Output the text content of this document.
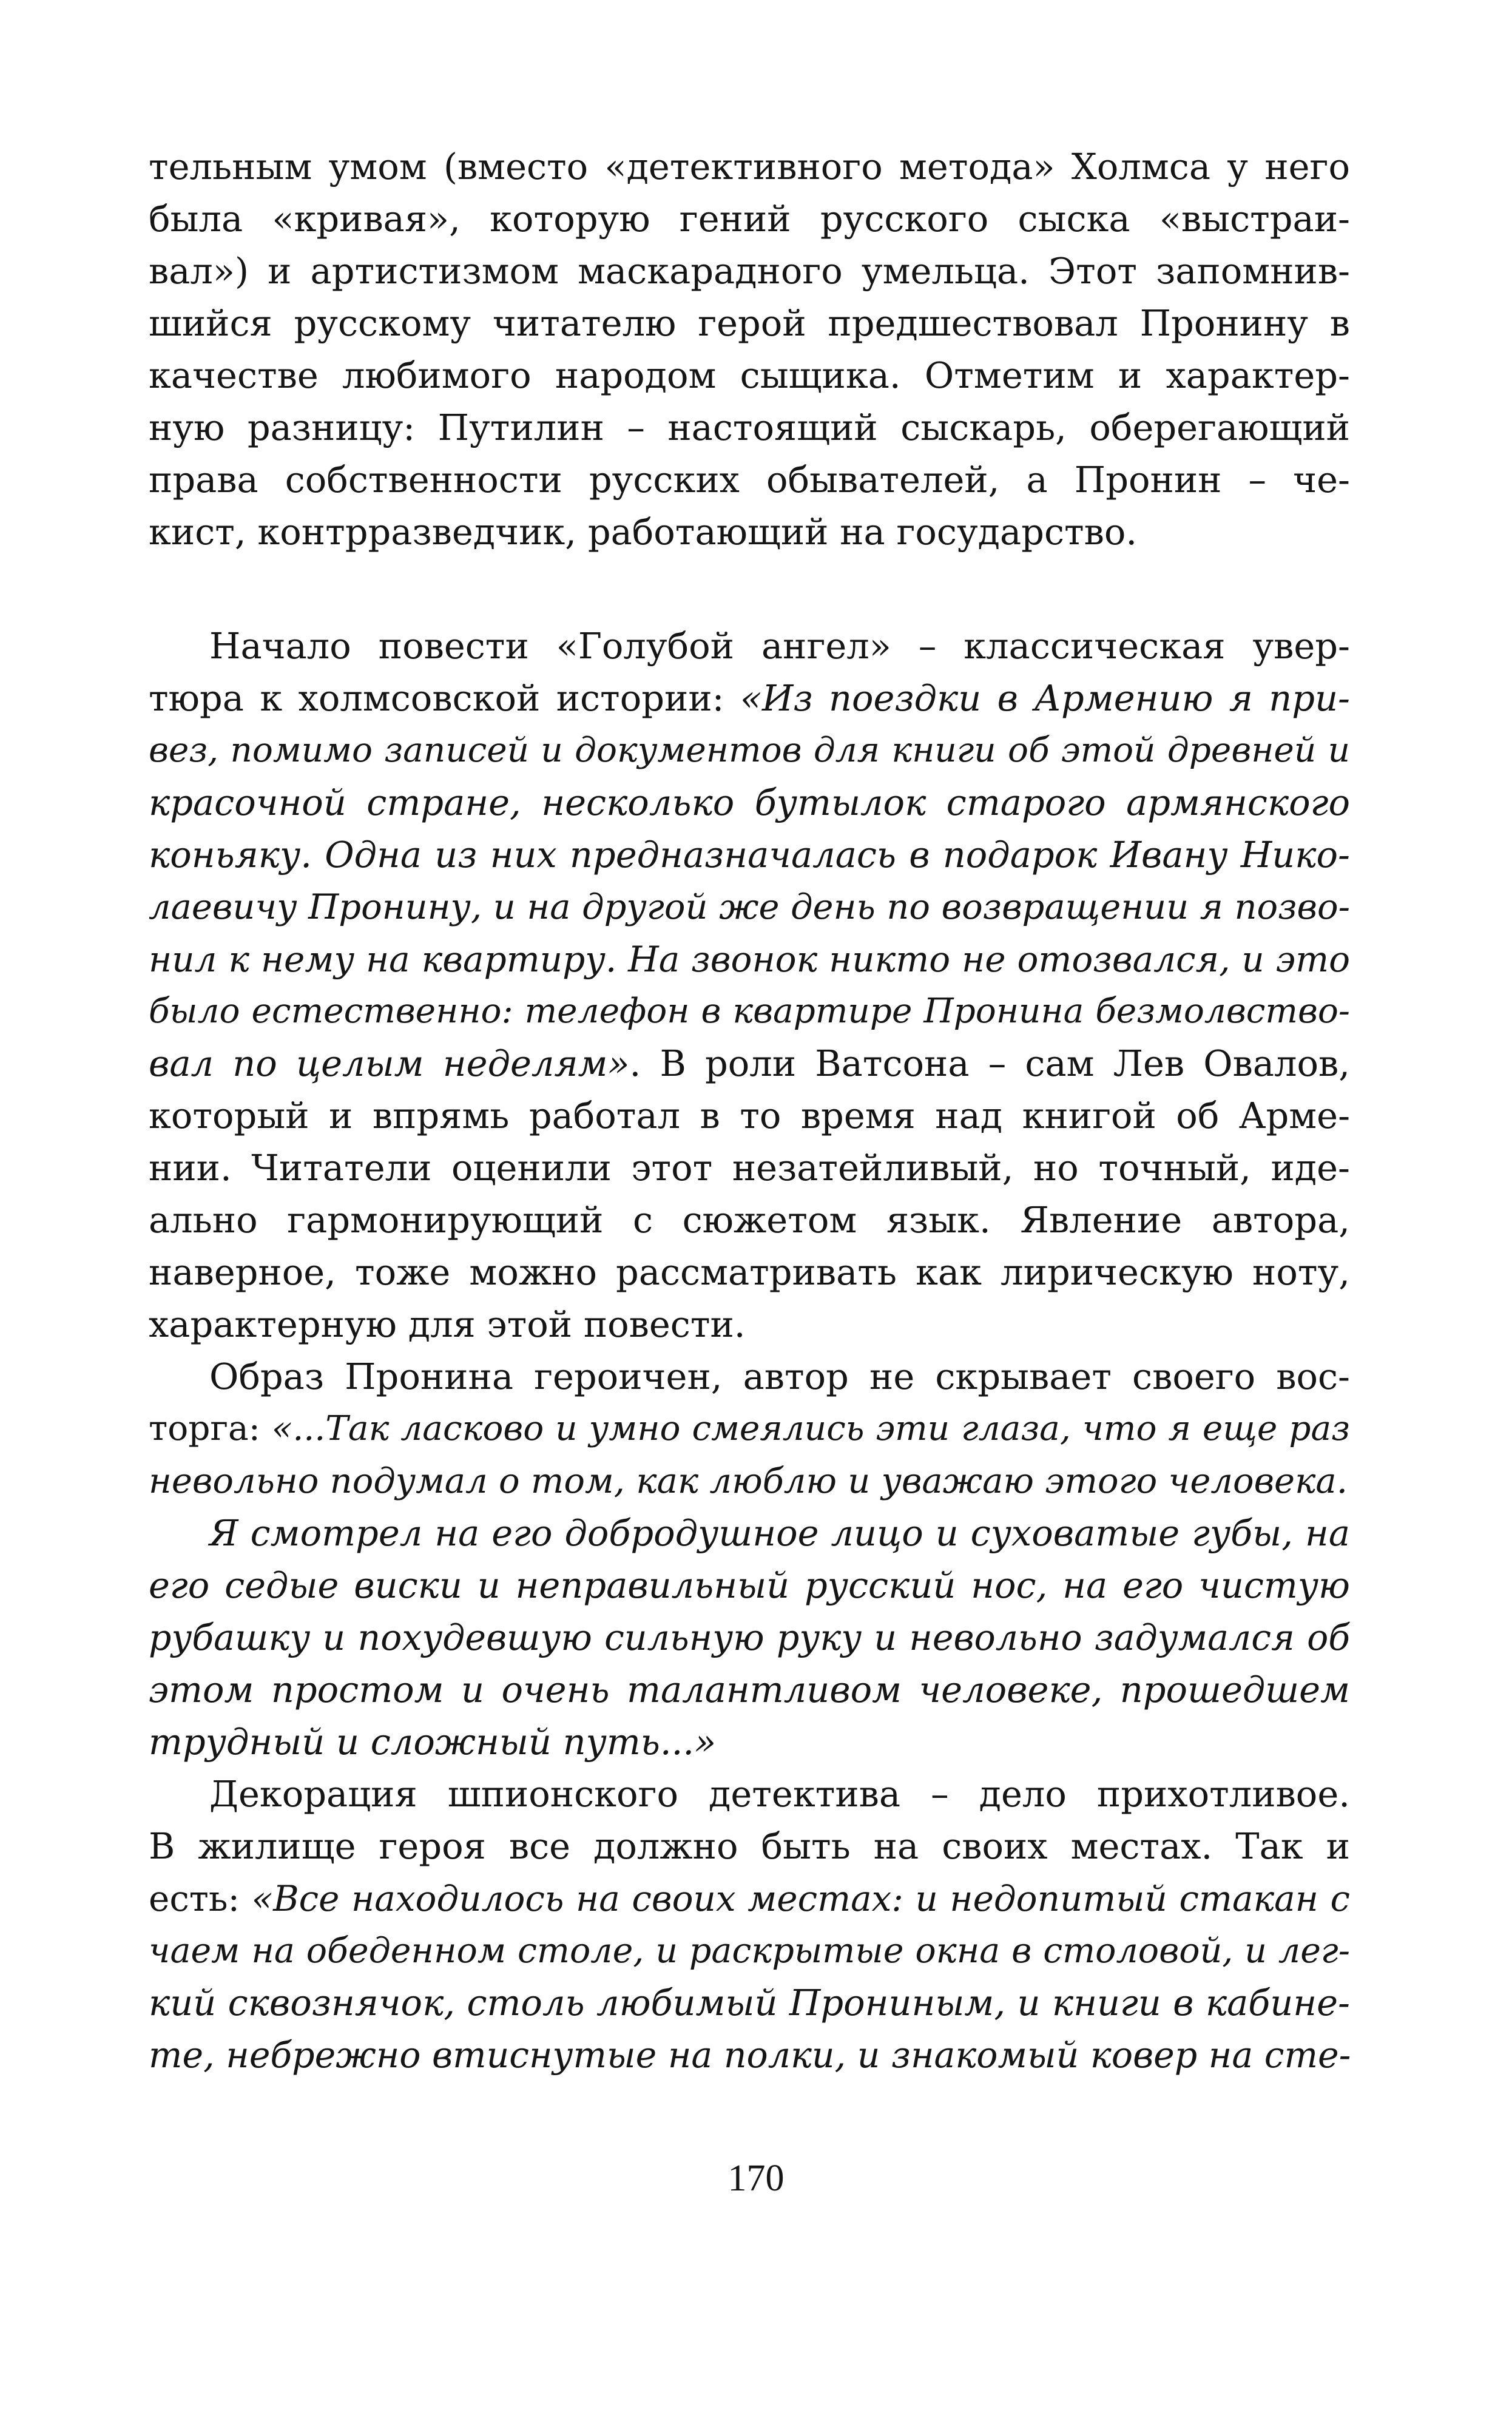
тельным умом (вместо «детективного метода» Холмса у него
была «кривая», которую гений русского сыска «выстраи-
вал») и артистизмом маскарадного умельца. Этот запомнив-
шийся русскому читателю герой предшествовал Пронину в
качестве любимого народом сыщика. Отметим и характер-
ную разницу: Путилин – настоящий сыскарь, оберегающий
права собственности русских обывателей, а Пронин – че-
кист, контрразведчик, работающий на государство.
Начало повести «Голубой ангел» – классическая увер-
тюра к холмсовской истории: «Из поездки в Армению я при-
вез, помимо записей и документов для книги об этой древней и
красочной стране, несколько бутылок старого армянского
коньяку. Одна из них предназначалась в подарок Ивану Нико-
лаевичу Пронину, и на другой же день по возвращении я позво-
нил к нему на квартиру. На звонок никто не отозвался, и это
было естественно: телефон в квартире Пронина безмолвство-
вал по целым неделям». В роли Ватсона – сам Лев Овалов,
который и впрямь работал в то время над книгой об Арме-
нии. Читатели оценили этот незатейливый, но точный, иде-
ально гармонирующий с сюжетом язык. Явление автора,
наверное, тоже можно рассматривать как лирическую ноту,
характерную для этой повести.
Образ Пронина героичен, автор не скрывает своего вос-
торга: «...Так ласково и умно смеялись эти глаза, что я еще раз
невольно подумал о том, как люблю и уважаю этого человека.
Я смотрел на его добродушное лицо и суховатые губы, на
его седые виски и неправильный русский нос, на его чистую
рубашку и похудевшую сильную руку и невольно задумался об
этом простом и очень талантливом человеке, прошедшем
трудный и сложный путь...»
Декорация шпионского детектива – дело прихотливое.
В жилище героя все должно быть на своих местах. Так и
есть: «Все находилось на своих местах: и недопитый стакан с
чаем на обеденном столе, и раскрытые окна в столовой, и лег-
кий сквознячок, столь любимый Прониным, и книги в кабине-
те, небрежно втиснутые на полки, и знакомый ковер на сте-
170
